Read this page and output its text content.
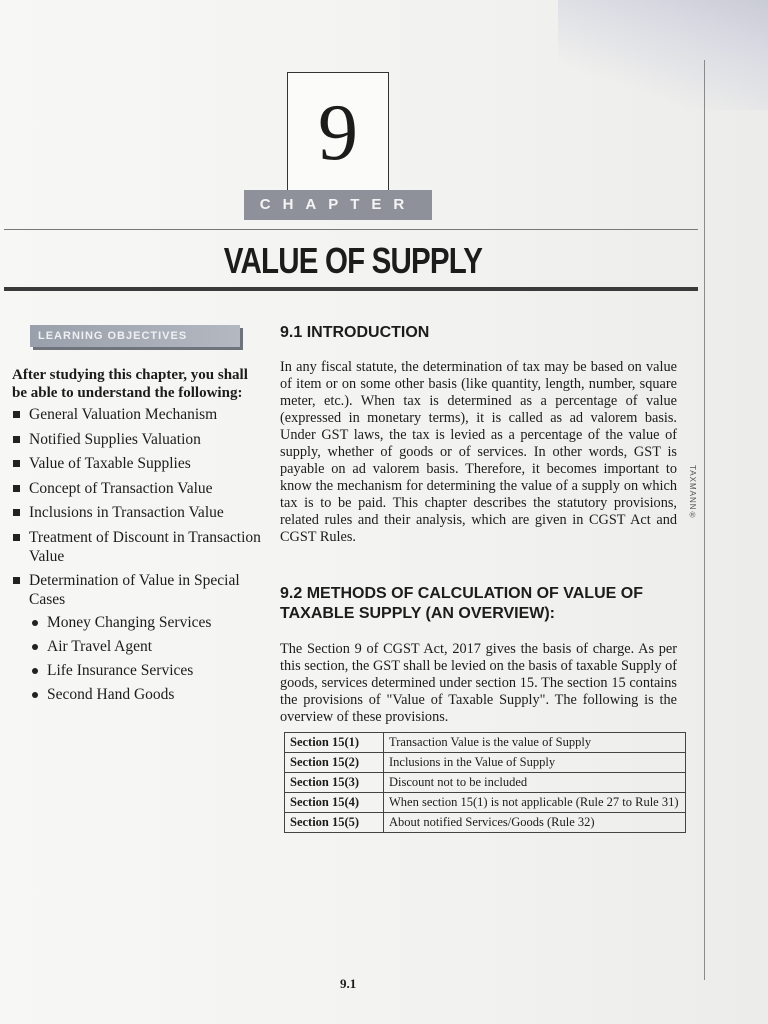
9
CHAPTER
VALUE OF SUPPLY
LEARNING OBJECTIVES
After studying this chapter, you shall be able to understand the following:
General Valuation Mechanism
Notified Supplies Valuation
Value of Taxable Supplies
Concept of Transaction Value
Inclusions in Transaction Value
Treatment of Discount in Transaction Value
Determination of Value in Special Cases
Money Changing Services
Air Travel Agent
Life Insurance Services
Second Hand Goods
9.1 INTRODUCTION

In any fiscal statute, the determination of tax may be based on value of item or on some other basis (like quantity, length, number, square meter, etc.). When tax is determined as a percentage of value (expressed in monetary terms), it is called as ad valorem basis. Under GST laws, the tax is levied as a percentage of the value of supply, whether of goods or of services. In other words, GST is payable on ad valorem basis. Therefore, it becomes important to know the mechanism for determining the value of a supply on which tax is to be paid. This chapter describes the statutory provisions, related rules and their analysis, which are given in CGST Act and CGST Rules.

9.2 METHODS OF CALCULATION OF VALUE OF TAXABLE SUPPLY (AN OVERVIEW):

The Section 9 of CGST Act, 2017 gives the basis of charge. As per this section, the GST shall be levied on the basis of taxable Supply of goods, services determined under section 15. The section 15 contains the provisions of "Value of Taxable Supply". The following is the overview of these provisions.

Section 15(1)	Transaction Value is the value of Supply
Section 15(2)	Inclusions in the Value of Supply
Section 15(3)	Discount not to be included
Section 15(4)	When section 15(1) is not applicable (Rule 27 to Rule 31)
Section 15(5)	About notified Services/Goods (Rule 32)
TAXMANN®
9.1
